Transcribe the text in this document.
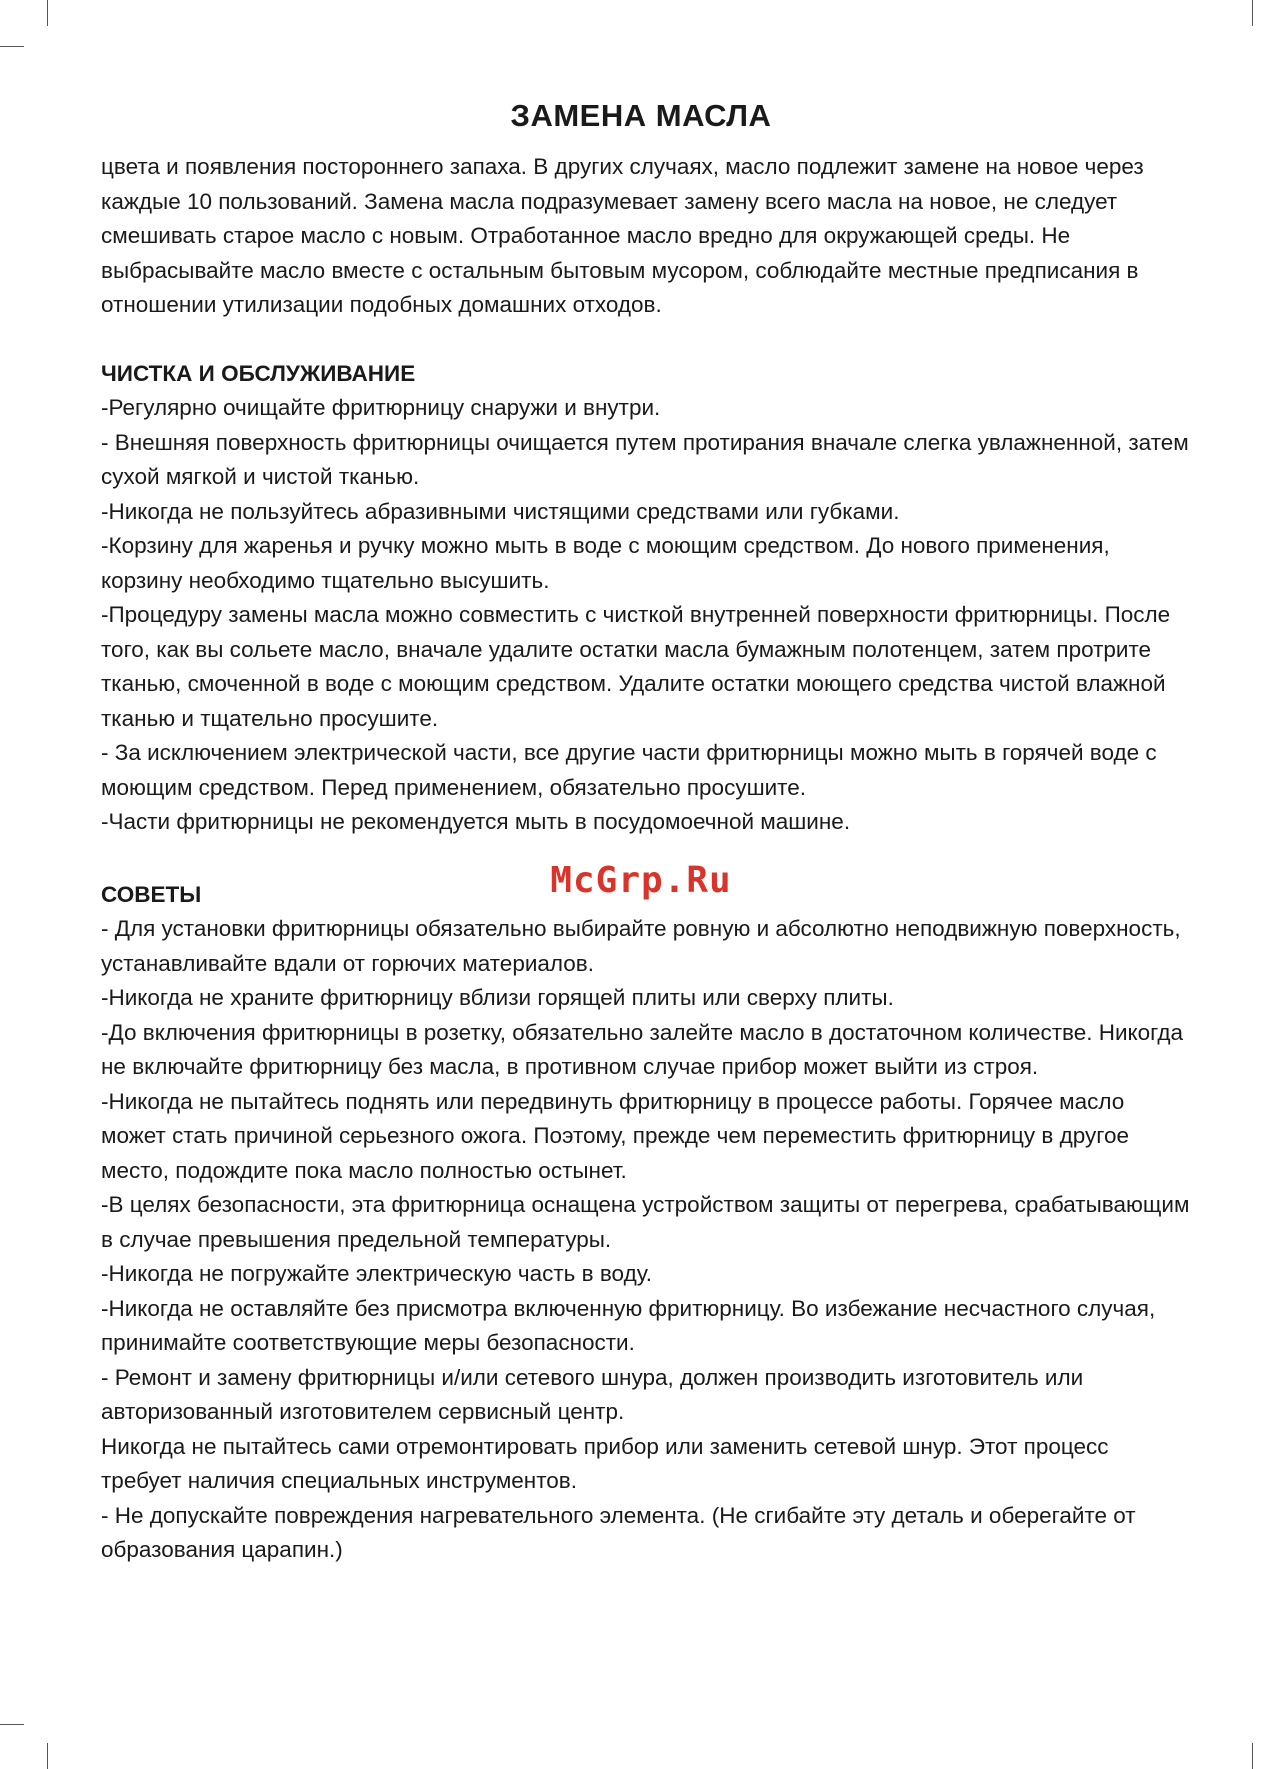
ЗАМЕНА МАСЛА

цвета и появления постороннего запаха. В других случаях, масло подлежит замене на новое через каждые 10 пользований. Замена масла подразумевает замену всего масла на новое, не следует смешивать старое масло с новым. Отработанное масло вредно для окружающей среды. Не выбрасывайте масло вместе с остальным бытовым мусором, соблюдайте местные предписания в отношении утилизации подобных домашних отходов.

ЧИСТКА И ОБСЛУЖИВАНИЕ

-Регулярно очищайте фритюрницу снаружи и внутри.

- Внешняя поверхность фритюрницы очищается путем протирания вначале слегка увлажненной, затем сухой мягкой и чистой тканью.

-Никогда не пользуйтесь абразивными чистящими средствами или губками.

-Корзину для жаренья и ручку можно мыть в воде с моющим средством. До нового применения, корзину необходимо тщательно высушить.

-Процедуру замены масла можно совместить с чисткой внутренней поверхности фритюрницы. После того, как вы сольете масло, вначале удалите остатки масла бумажным полотенцем, затем протрите тканью, смоченной в воде с моющим средством. Удалите остатки моющего средства чистой влажной тканью и тщательно просушите.

- За исключением электрической части, все другие части фритюрницы можно мыть в горячей воде с моющим средством. Перед применением, обязательно просушите.

-Части фритюрницы не рекомендуется мыть в посудомоечной машине.

СОВЕТЫ

- Для установки фритюрницы обязательно выбирайте ровную и абсолютно неподвижную поверхность, устанавливайте вдали от горючих материалов.

-Никогда не храните фритюрницу вблизи горящей плиты или сверху плиты.

-До включения фритюрницы в розетку, обязательно залейте масло в достаточном количестве. Никогда не включайте фритюрницу без масла, в противном случае прибор может выйти из строя.

-Никогда не пытайтесь поднять или передвинуть фритюрницу в процессе работы. Горячее масло может стать причиной серьезного ожога. Поэтому, прежде чем переместить фритюрницу в другое место, подождите пока масло полностью остынет.

-В целях безопасности, эта фритюрница оснащена устройством защиты от перегрева, срабатывающим в случае превышения предельной температуры.

-Никогда не погружайте электрическую часть в воду.

-Никогда не оставляйте без присмотра включенную фритюрницу. Во избежание несчастного случая, принимайте соответствующие меры безопасности.

- Ремонт и замену фритюрницы и/или сетевого шнура, должен производить изготовитель или авторизованный изготовителем сервисный центр.

Никогда не пытайтесь сами отремонтировать прибор или заменить сетевой шнур. Этот процесс требует наличия специальных инструментов.

- Не допускайте повреждения нагревательного элемента. (Не сгибайте эту деталь и оберегайте от образования царапин.)

McGrp.Ru
